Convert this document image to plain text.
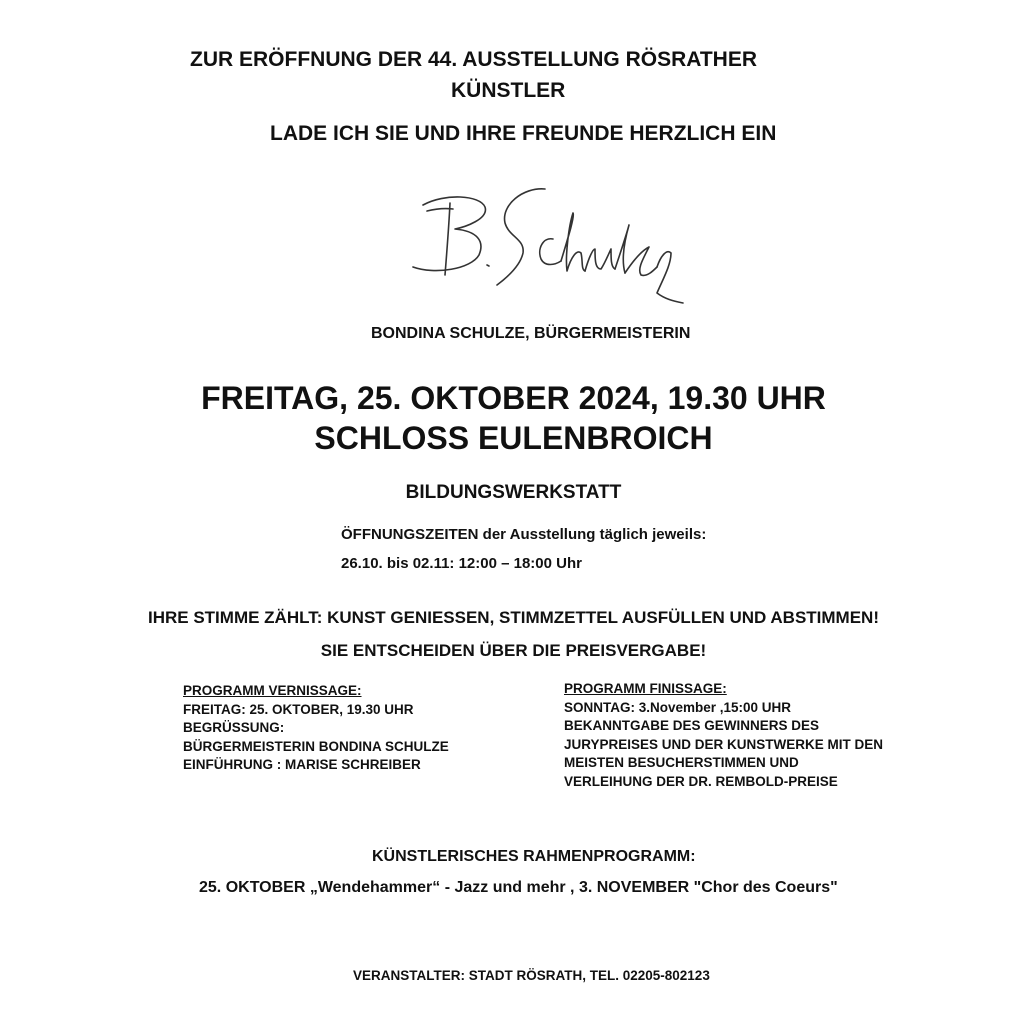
ZUR ERÖFFNUNG DER 44. AUSSTELLUNG RÖSRATHER
KÜNSTLER
LADE ICH SIE UND IHRE FREUNDE HERZLICH EIN
BONDINA SCHULZE, BÜRGERMEISTERIN
FREITAG, 25. OKTOBER 2024, 19.30 UHR
SCHLOSS EULENBROICH
BILDUNGSWERKSTATT
ÖFFNUNGSZEITEN der Ausstellung täglich jeweils:
26.10. bis 02.11: 12:00 – 18:00 Uhr
IHRE STIMME ZÄHLT: KUNST GENIESSEN, STIMMZETTEL AUSFÜLLEN UND ABSTIMMEN!
SIE ENTSCHEIDEN ÜBER DIE PREISVERGABE!

PROGRAMM VERNISSAGE:

FREITAG: 25. OKTOBER, 19.30 UHR

BEGRÜSSUNG:

BÜRGERMEISTERIN BONDINA SCHULZE

EINFÜHRUNG : MARISE SCHREIBER

PROGRAMM FINISSAGE:

SONNTAG: 3.November ,15:00 UHR

BEKANNTGABE DES GEWINNERS DES

JURYPREISES UND DER KUNSTWERKE MIT DEN

MEISTEN BESUCHERSTIMMEN UND

VERLEIHUNG DER DR. REMBOLD-PREISE

KÜNSTLERISCHES RAHMENPROGRAMM:
25. OKTOBER „Wendehammer“ - Jazz und mehr , 3. NOVEMBER "Chor des Coeurs"
VERANSTALTER: STADT RÖSRATH, TEL. 02205-802123
